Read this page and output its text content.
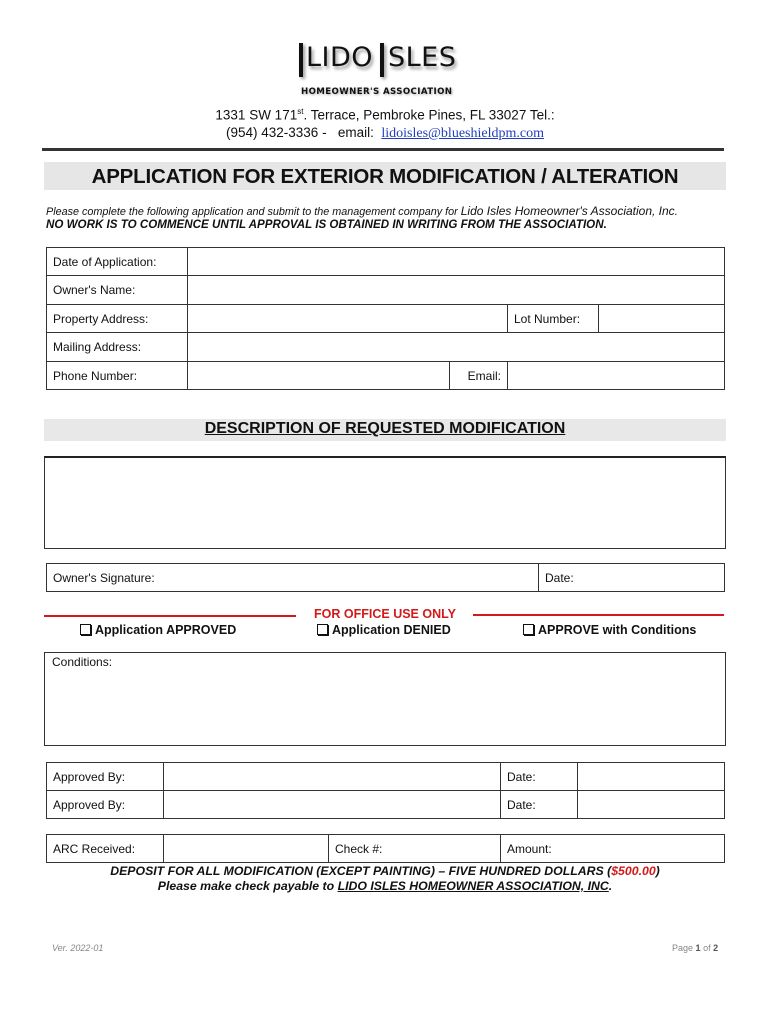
LIDO SLES
HOMEOWNER'S ASSOCIATION
1331 SW 171st. Terrace, Pembroke Pines, FL 33027 Tel.:
(954) 432-3336 - email: lidoisles@blueshieldpm.com
APPLICATION FOR EXTERIOR MODIFICATION / ALTERATION
Please complete the following application and submit to the management company for Lido Isles Homeowner's Association, Inc.
NO WORK IS TO COMMENCE UNTIL APPROVAL IS OBTAINED IN WRITING FROM THE ASSOCIATION.
Date of Application:				
Owner's Name:				
Property Address:			Lot Number:	
Mailing Address:				
Phone Number:		Email:		
DESCRIPTION OF REQUESTED MODIFICATION
Owner's Signature:	Date:
FOR OFFICE USE ONLY
Application APPROVED	Application DENIED	APPROVE with Conditions
Conditions:
Approved By:		Date:	
Approved By:		Date:	
ARC Received:		Check #:	Amount:
DEPOSIT FOR ALL MODIFICATION (EXCEPT PAINTING) – FIVE HUNDRED DOLLARS ($500.00)
Please make check payable to LIDO ISLES HOMEOWNER ASSOCIATION, INC.
Ver. 2022-01	Page 1 of 2
